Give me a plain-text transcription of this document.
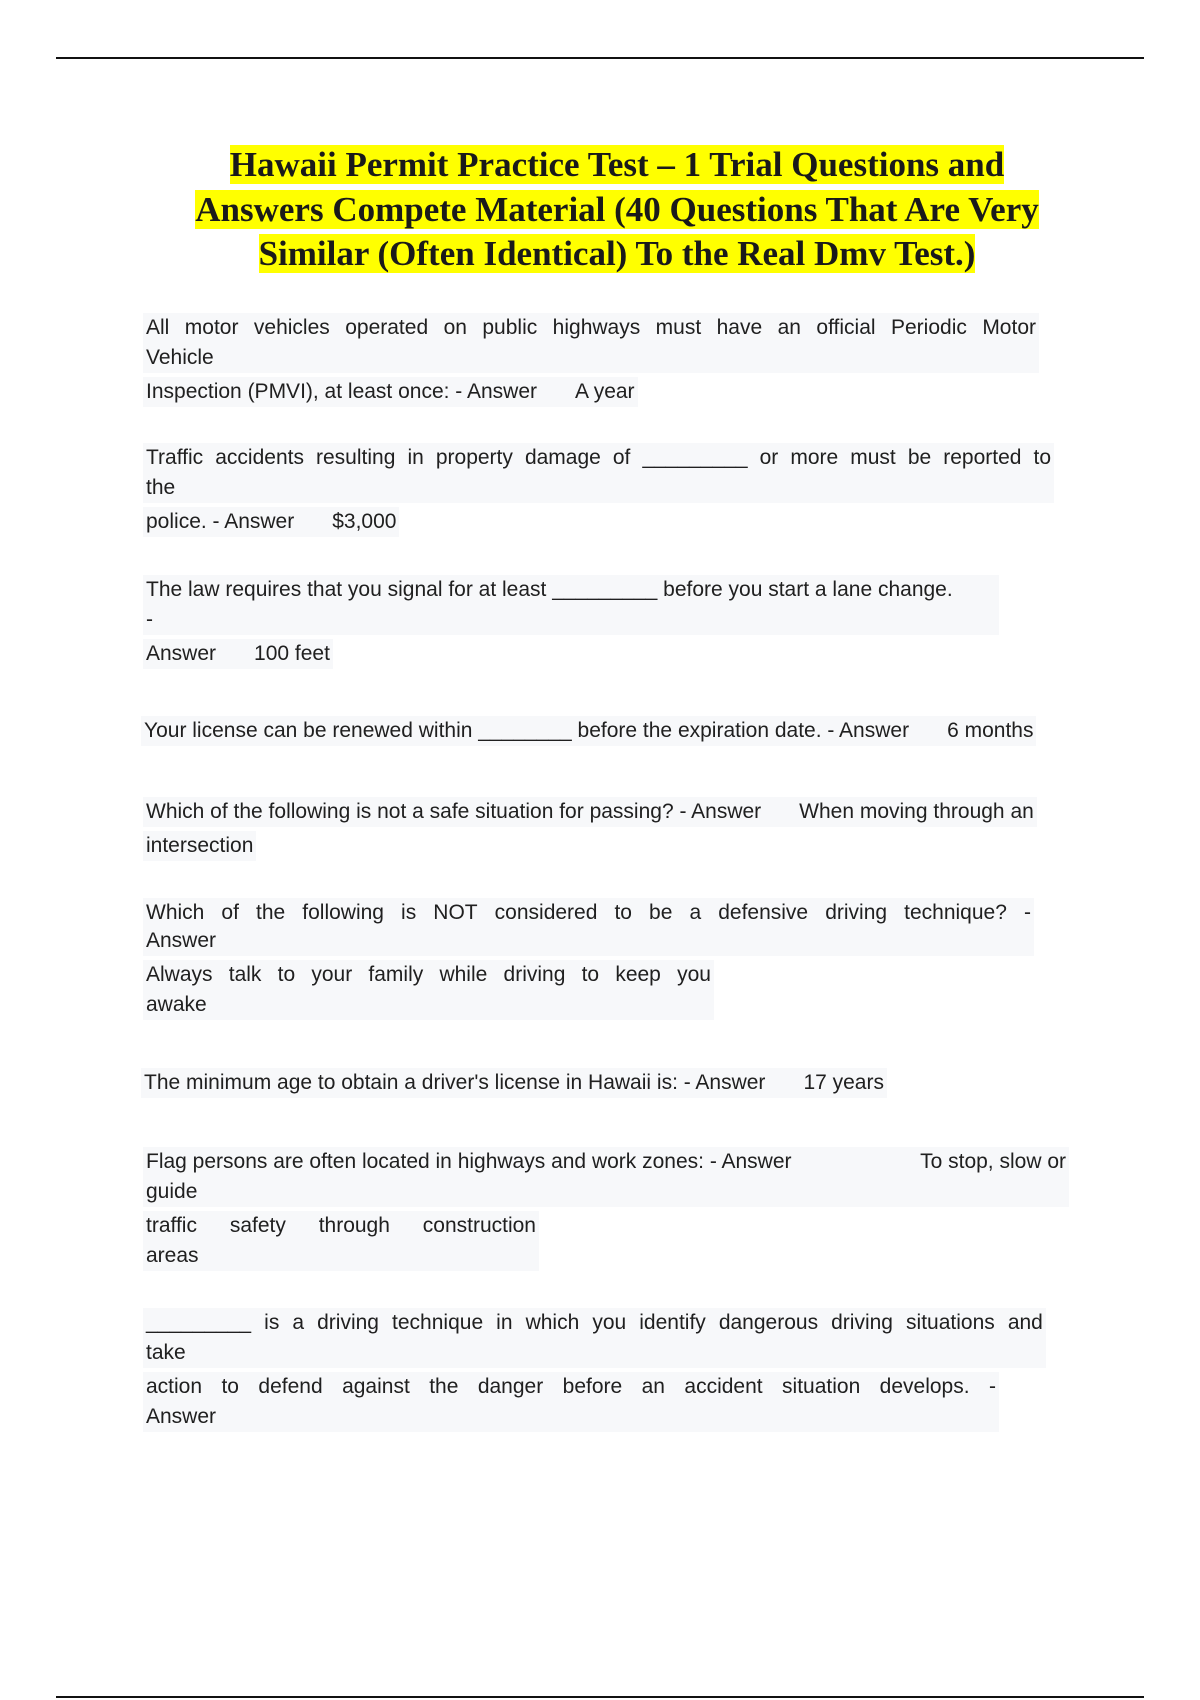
Hawaii Permit Practice Test – 1 Trial Questions and
Answers Compete Material (40 Questions That Are Very
Similar (Often Identical) To the Real Dmv Test.)
All motor vehicles operated on public highways must have an official Periodic Motor
Vehicle
Inspection (PMVI), at least once: - Answer A year
Traffic accidents resulting in property damage of _________ or more must be reported to
the
police. - Answer $3,000
The law requires that you signal for at least _________ before you start a lane change.
-
Answer 100 feet
Your license can be renewed within ________ before the expiration date. - Answer 6 months
Which of the following is not a safe situation for passing? - Answer When moving through an
intersection
Which of the following is NOT considered to be a defensive driving technique? -
Answer
Always talk to your family while driving to keep you
awake
The minimum age to obtain a driver's license in Hawaii is: - Answer 17 years
Flag persons are often located in highways and work zones: - Answer	To stop, slow or
guide
traffic safety through construction
areas
_________ is a driving technique in which you identify dangerous driving situations and
take
action to defend against the danger before an accident situation develops. -
Answer
